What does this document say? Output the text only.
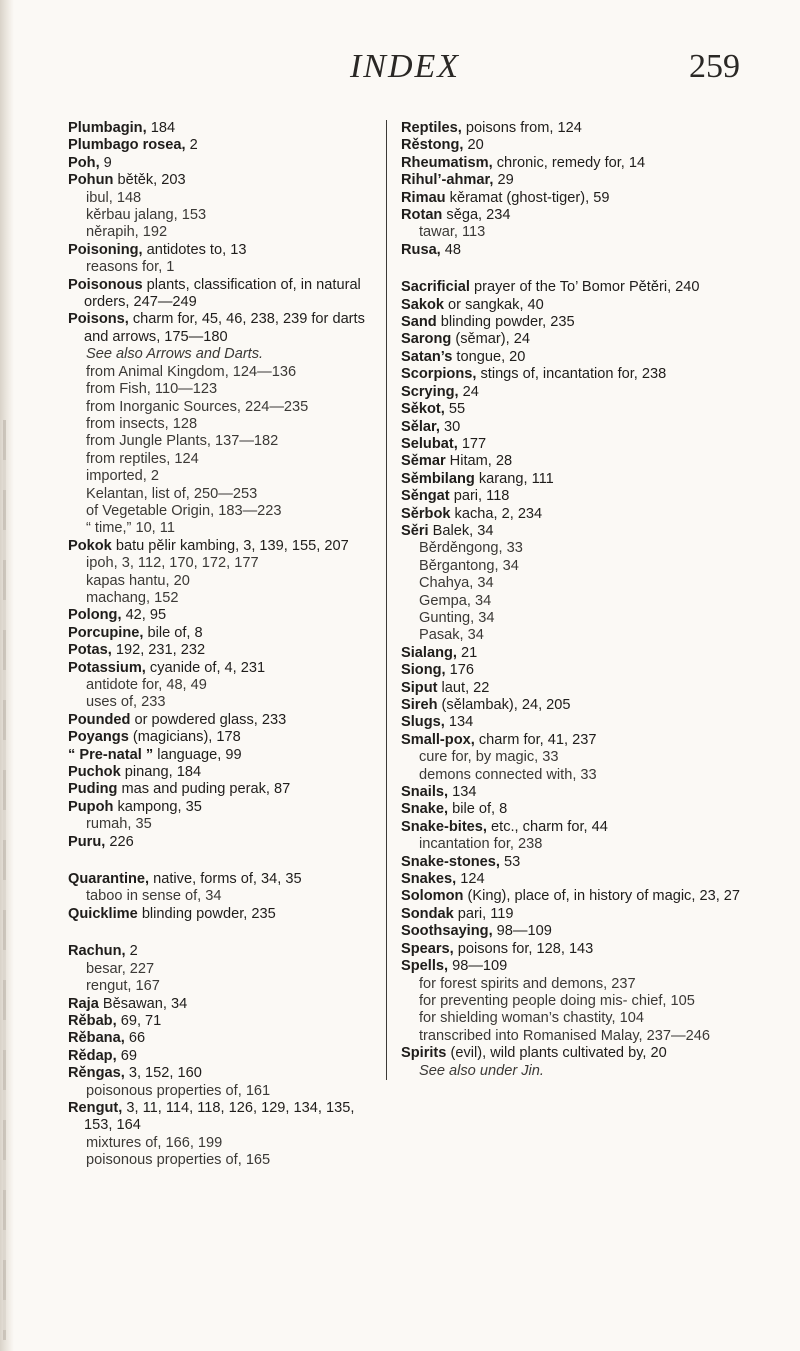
INDEX	259
Plumbagin, 184
Plumbago rosea, 2
Poh, 9
Pohun bětěk, 203
ibul, 148
kěrbau jalang, 153
něrapih, 192
Poisoning, antidotes to, 13
reasons for, 1
Poisonous plants, classification of, in natural orders, 247—249
Poisons, charm for, 45, 46, 238, 239 for darts and arrows, 175—180
See also Arrows and Darts.
from Animal Kingdom, 124—136
from Fish, 110—123
from Inorganic Sources, 224—235
from insects, 128
from Jungle Plants, 137—182
from reptiles, 124
imported, 2
Kelantan, list of, 250—253
of Vegetable Origin, 183—223
“ time,” 10, 11
Pokok batu pělir kambing, 3, 139, 155, 207
ipoh, 3, 112, 170, 172, 177
kapas hantu, 20
machang, 152
Polong, 42, 95
Porcupine, bile of, 8
Potas, 192, 231, 232
Potassium, cyanide of, 4, 231
antidote for, 48, 49
uses of, 233
Pounded or powdered glass, 233
Poyangs (magicians), 178
“ Pre-natal ” language, 99
Puchok pinang, 184
Puding mas and puding perak, 87
Pupoh kampong, 35
rumah, 35
Puru, 226
Quarantine, native, forms of, 34, 35
taboo in sense of, 34
Quicklime blinding powder, 235
Rachun, 2
besar, 227
rengut, 167
Raja Běsawan, 34
Rěbab, 69, 71
Rěbana, 66
Rědap, 69
Rěngas, 3, 152, 160
poisonous properties of, 161
Rengut, 3, 11, 114, 118, 126, 129, 134, 135, 153, 164
mixtures of, 166, 199
poisonous properties of, 165
Reptiles, poisons from, 124
Rěstong, 20
Rheumatism, chronic, remedy for, 14
Rihul’-ahmar, 29
Rimau kěramat (ghost-tiger), 59
Rotan sěga, 234
tawar, 113
Rusa, 48
Sacrificial prayer of the To’ Bomor Pětěri, 240
Sakok or sangkak, 40
Sand blinding powder, 235
Sarong (sěmar), 24
Satan’s tongue, 20
Scorpions, stings of, incantation for, 238
Scrying, 24
Sěkot, 55
Sělar, 30
Selubat, 177
Sěmar Hitam, 28
Sěmbilang karang, 111
Sěngat pari, 118
Sěrbok kacha, 2, 234
Sěri Balek, 34
Běrděngong, 33
Běrgantong, 34
Chahya, 34
Gempa, 34
Gunting, 34
Pasak, 34
Sialang, 21
Siong, 176
Siput laut, 22
Sireh (sělambak), 24, 205
Slugs, 134
Small-pox, charm for, 41, 237
cure for, by magic, 33
demons connected with, 33
Snails, 134
Snake, bile of, 8
Snake-bites, etc., charm for, 44
incantation for, 238
Snake-stones, 53
Snakes, 124
Solomon (King), place of, in history of magic, 23, 27
Sondak pari, 119
Soothsaying, 98—109
Spears, poisons for, 128, 143
Spells, 98—109
for forest spirits and demons, 237
for preventing people doing mis- chief, 105
for shielding woman’s chastity, 104
transcribed into Romanised Malay, 237—246
Spirits (evil), wild plants cultivated by, 20
See also under Jin.
